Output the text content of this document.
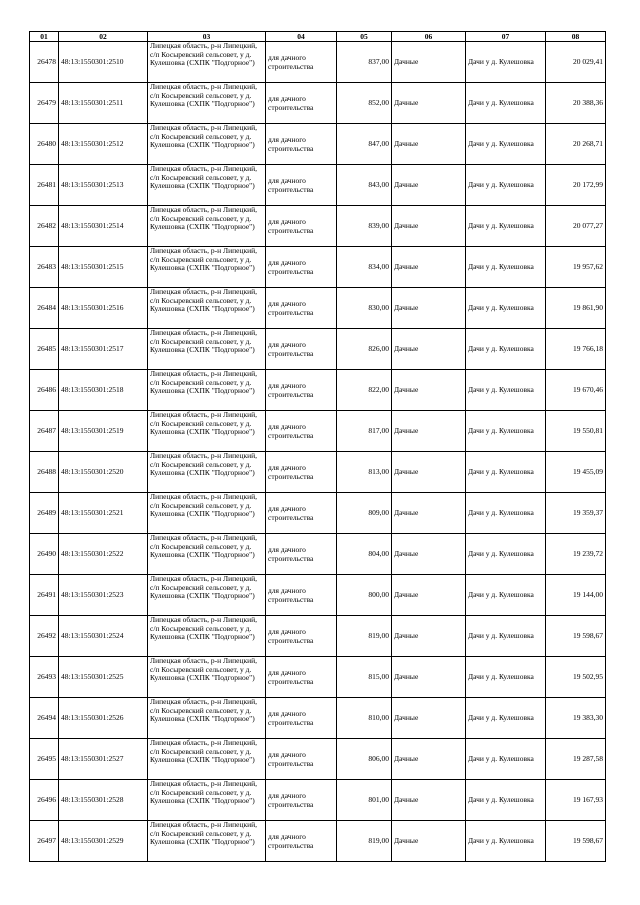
01	02	03	04	05	06	07	08
26478	48:13:1550301:2510	Липецкая область, р-н Липецкий, с/п Косыревский сельсовет, у д. Кулешовка (СХПК "Подгорное")	для дачного строительства	837,00	Дачные	Дачи у д. Кулешовка	20 029,41
26479	48:13:1550301:2511	Липецкая область, р-н Липецкий, с/п Косыревский сельсовет, у д. Кулешовка (СХПК "Подгорное")	для дачного строительства	852,00	Дачные	Дачи у д. Кулешовка	20 388,36
26480	48:13:1550301:2512	Липецкая область, р-н Липецкий, с/п Косыревский сельсовет, у д. Кулешовка (СХПК "Подгорное")	для дачного строительства	847,00	Дачные	Дачи у д. Кулешовка	20 268,71
26481	48:13:1550301:2513	Липецкая область, р-н Липецкий, с/п Косыревский сельсовет, у д. Кулешовка (СХПК "Подгорное")	для дачного строительства	843,00	Дачные	Дачи у д. Кулешовка	20 172,99
26482	48:13:1550301:2514	Липецкая область, р-н Липецкий, с/п Косыревский сельсовет, у д. Кулешовка (СХПК "Подгорное")	для дачного строительства	839,00	Дачные	Дачи у д. Кулешовка	20 077,27
26483	48:13:1550301:2515	Липецкая область, р-н Липецкий, с/п Косыревский сельсовет, у д. Кулешовка (СХПК "Подгорное")	для дачного строительства	834,00	Дачные	Дачи у д. Кулешовка	19 957,62
26484	48:13:1550301:2516	Липецкая область, р-н Липецкий, с/п Косыревский сельсовет, у д. Кулешовка (СХПК "Подгорное")	для дачного строительства	830,00	Дачные	Дачи у д. Кулешовка	19 861,90
26485	48:13:1550301:2517	Липецкая область, р-н Липецкий, с/п Косыревский сельсовет, у д. Кулешовка (СХПК "Подгорное")	для дачного строительства	826,00	Дачные	Дачи у д. Кулешовка	19 766,18
26486	48:13:1550301:2518	Липецкая область, р-н Липецкий, с/п Косыревский сельсовет, у д. Кулешовка (СХПК "Подгорное")	для дачного строительства	822,00	Дачные	Дачи у д. Кулешовка	19 670,46
26487	48:13:1550301:2519	Липецкая область, р-н Липецкий, с/п Косыревский сельсовет, у д. Кулешовка (СХПК "Подгорное")	для дачного строительства	817,00	Дачные	Дачи у д. Кулешовка	19 550,81
26488	48:13:1550301:2520	Липецкая область, р-н Липецкий, с/п Косыревский сельсовет, у д. Кулешовка (СХПК "Подгорное")	для дачного строительства	813,00	Дачные	Дачи у д. Кулешовка	19 455,09
26489	48:13:1550301:2521	Липецкая область, р-н Липецкий, с/п Косыревский сельсовет, у д. Кулешовка (СХПК "Подгорное")	для дачного строительства	809,00	Дачные	Дачи у д. Кулешовка	19 359,37
26490	48:13:1550301:2522	Липецкая область, р-н Липецкий, с/п Косыревский сельсовет, у д. Кулешовка (СХПК "Подгорное")	для дачного строительства	804,00	Дачные	Дачи у д. Кулешовка	19 239,72
26491	48:13:1550301:2523	Липецкая область, р-н Липецкий, с/п Косыревский сельсовет, у д. Кулешовка (СХПК "Подгорное")	для дачного строительства	800,00	Дачные	Дачи у д. Кулешовка	19 144,00
26492	48:13:1550301:2524	Липецкая область, р-н Липецкий, с/п Косыревский сельсовет, у д. Кулешовка (СХПК "Подгорное")	для дачного строительства	819,00	Дачные	Дачи у д. Кулешовка	19 598,67
26493	48:13:1550301:2525	Липецкая область, р-н Липецкий, с/п Косыревский сельсовет, у д. Кулешовка (СХПК "Подгорное")	для дачного строительства	815,00	Дачные	Дачи у д. Кулешовка	19 502,95
26494	48:13:1550301:2526	Липецкая область, р-н Липецкий, с/п Косыревский сельсовет, у д. Кулешовка (СХПК "Подгорное")	для дачного строительства	810,00	Дачные	Дачи у д. Кулешовка	19 383,30
26495	48:13:1550301:2527	Липецкая область, р-н Липецкий, с/п Косыревский сельсовет, у д. Кулешовка (СХПК "Подгорное")	для дачного строительства	806,00	Дачные	Дачи у д. Кулешовка	19 287,58
26496	48:13:1550301:2528	Липецкая область, р-н Липецкий, с/п Косыревский сельсовет, у д. Кулешовка (СХПК "Подгорное")	для дачного строительства	801,00	Дачные	Дачи у д. Кулешовка	19 167,93
26497	48:13:1550301:2529	Липецкая область, р-н Липецкий, с/п Косыревский сельсовет, у д. Кулешовка (СХПК "Подгорное")	для дачного строительства	819,00	Дачные	Дачи у д. Кулешовка	19 598,67
